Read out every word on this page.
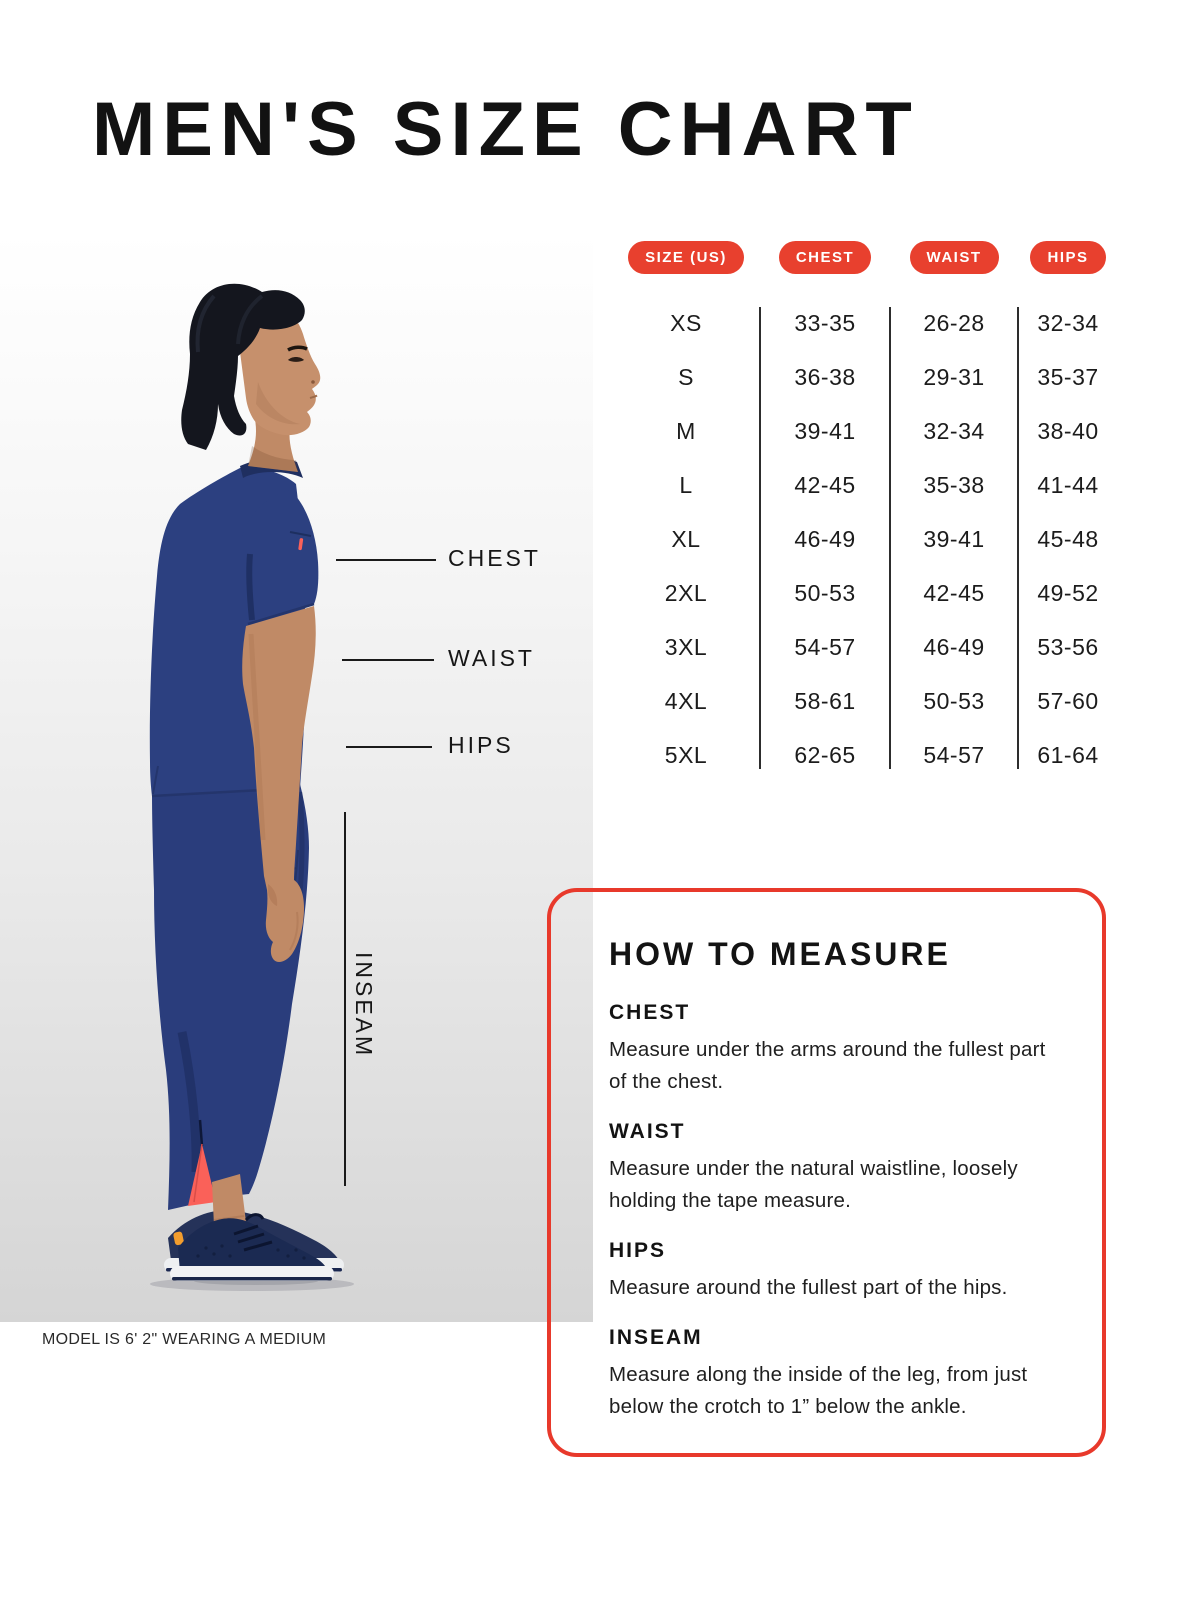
MEN'S SIZE CHART
SIZE (US)	CHEST	WAIST	HIPS
XS	33-35	26-28	32-34
S	36-38	29-31	35-37
M	39-41	32-34	38-40
L	42-45	35-38	41-44
XL	46-49	39-41	45-48
2XL	50-53	42-45	49-52
3XL	54-57	46-49	53-56
4XL	58-61	50-53	57-60
5XL	62-65	54-57	61-64
CHEST
WAIST
HIPS
INSEAM
MODEL IS 6' 2" WEARING A MEDIUM
HOW TO MEASURE
CHEST

Measure under the arms around the fullest part of the chest.

WAIST

Measure under the natural waistline, loosely holding the tape measure.

HIPS

Measure around the fullest part of the hips.

INSEAM

Measure along the inside of the leg, from just below the crotch to 1” below the ankle.
